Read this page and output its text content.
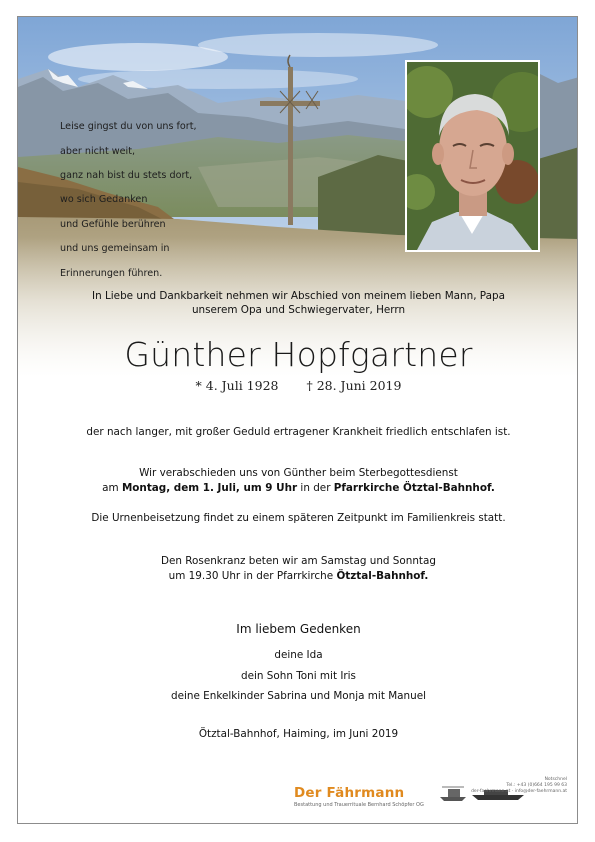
Leise gingst du von uns fort,

aber nicht weit,

ganz nah bist du stets dort,

wo sich Gedanken

und Gefühle berühren

und uns gemeinsam in

Erinnerungen führen.

In Liebe und Dankbarkeit nehmen wir Abschied von meinem lieben Mann, Papa
unserem Opa und Schwiegervater, Herrn
Günther Hopfgartner
* 4. Juli 1928 † 28. Juni 2019
der nach langer, mit großer Geduld ertragener Krankheit friedlich entschlafen ist.
Wir verabschieden uns von Günther beim Sterbegottesdienst
am Montag, dem 1. Juli, um 9 Uhr in der Pfarrkirche Ötztal-Bahnhof.
Die Urnenbeisetzung findet zu einem späteren Zeitpunkt im Familienkreis statt.
Den Rosenkranz beten wir am Samstag und Sonntag
um 19.30 Uhr in der Pfarrkirche Ötztal-Bahnhof.
Im liebem Gedenken
deine Ida
dein Sohn Toni mit Iris
deine Enkelkinder Sabrina und Monja mit Manuel
Ötztal-Bahnhof, Haiming, im Juni 2019
Der Fährmann
Bestattung und Trauerrituale Bernhard Schöpfer OG
Notschnel
Tel.: +43 (0)664 195 99 63
der-faehrmann.at · info@der-faehrmann.at
